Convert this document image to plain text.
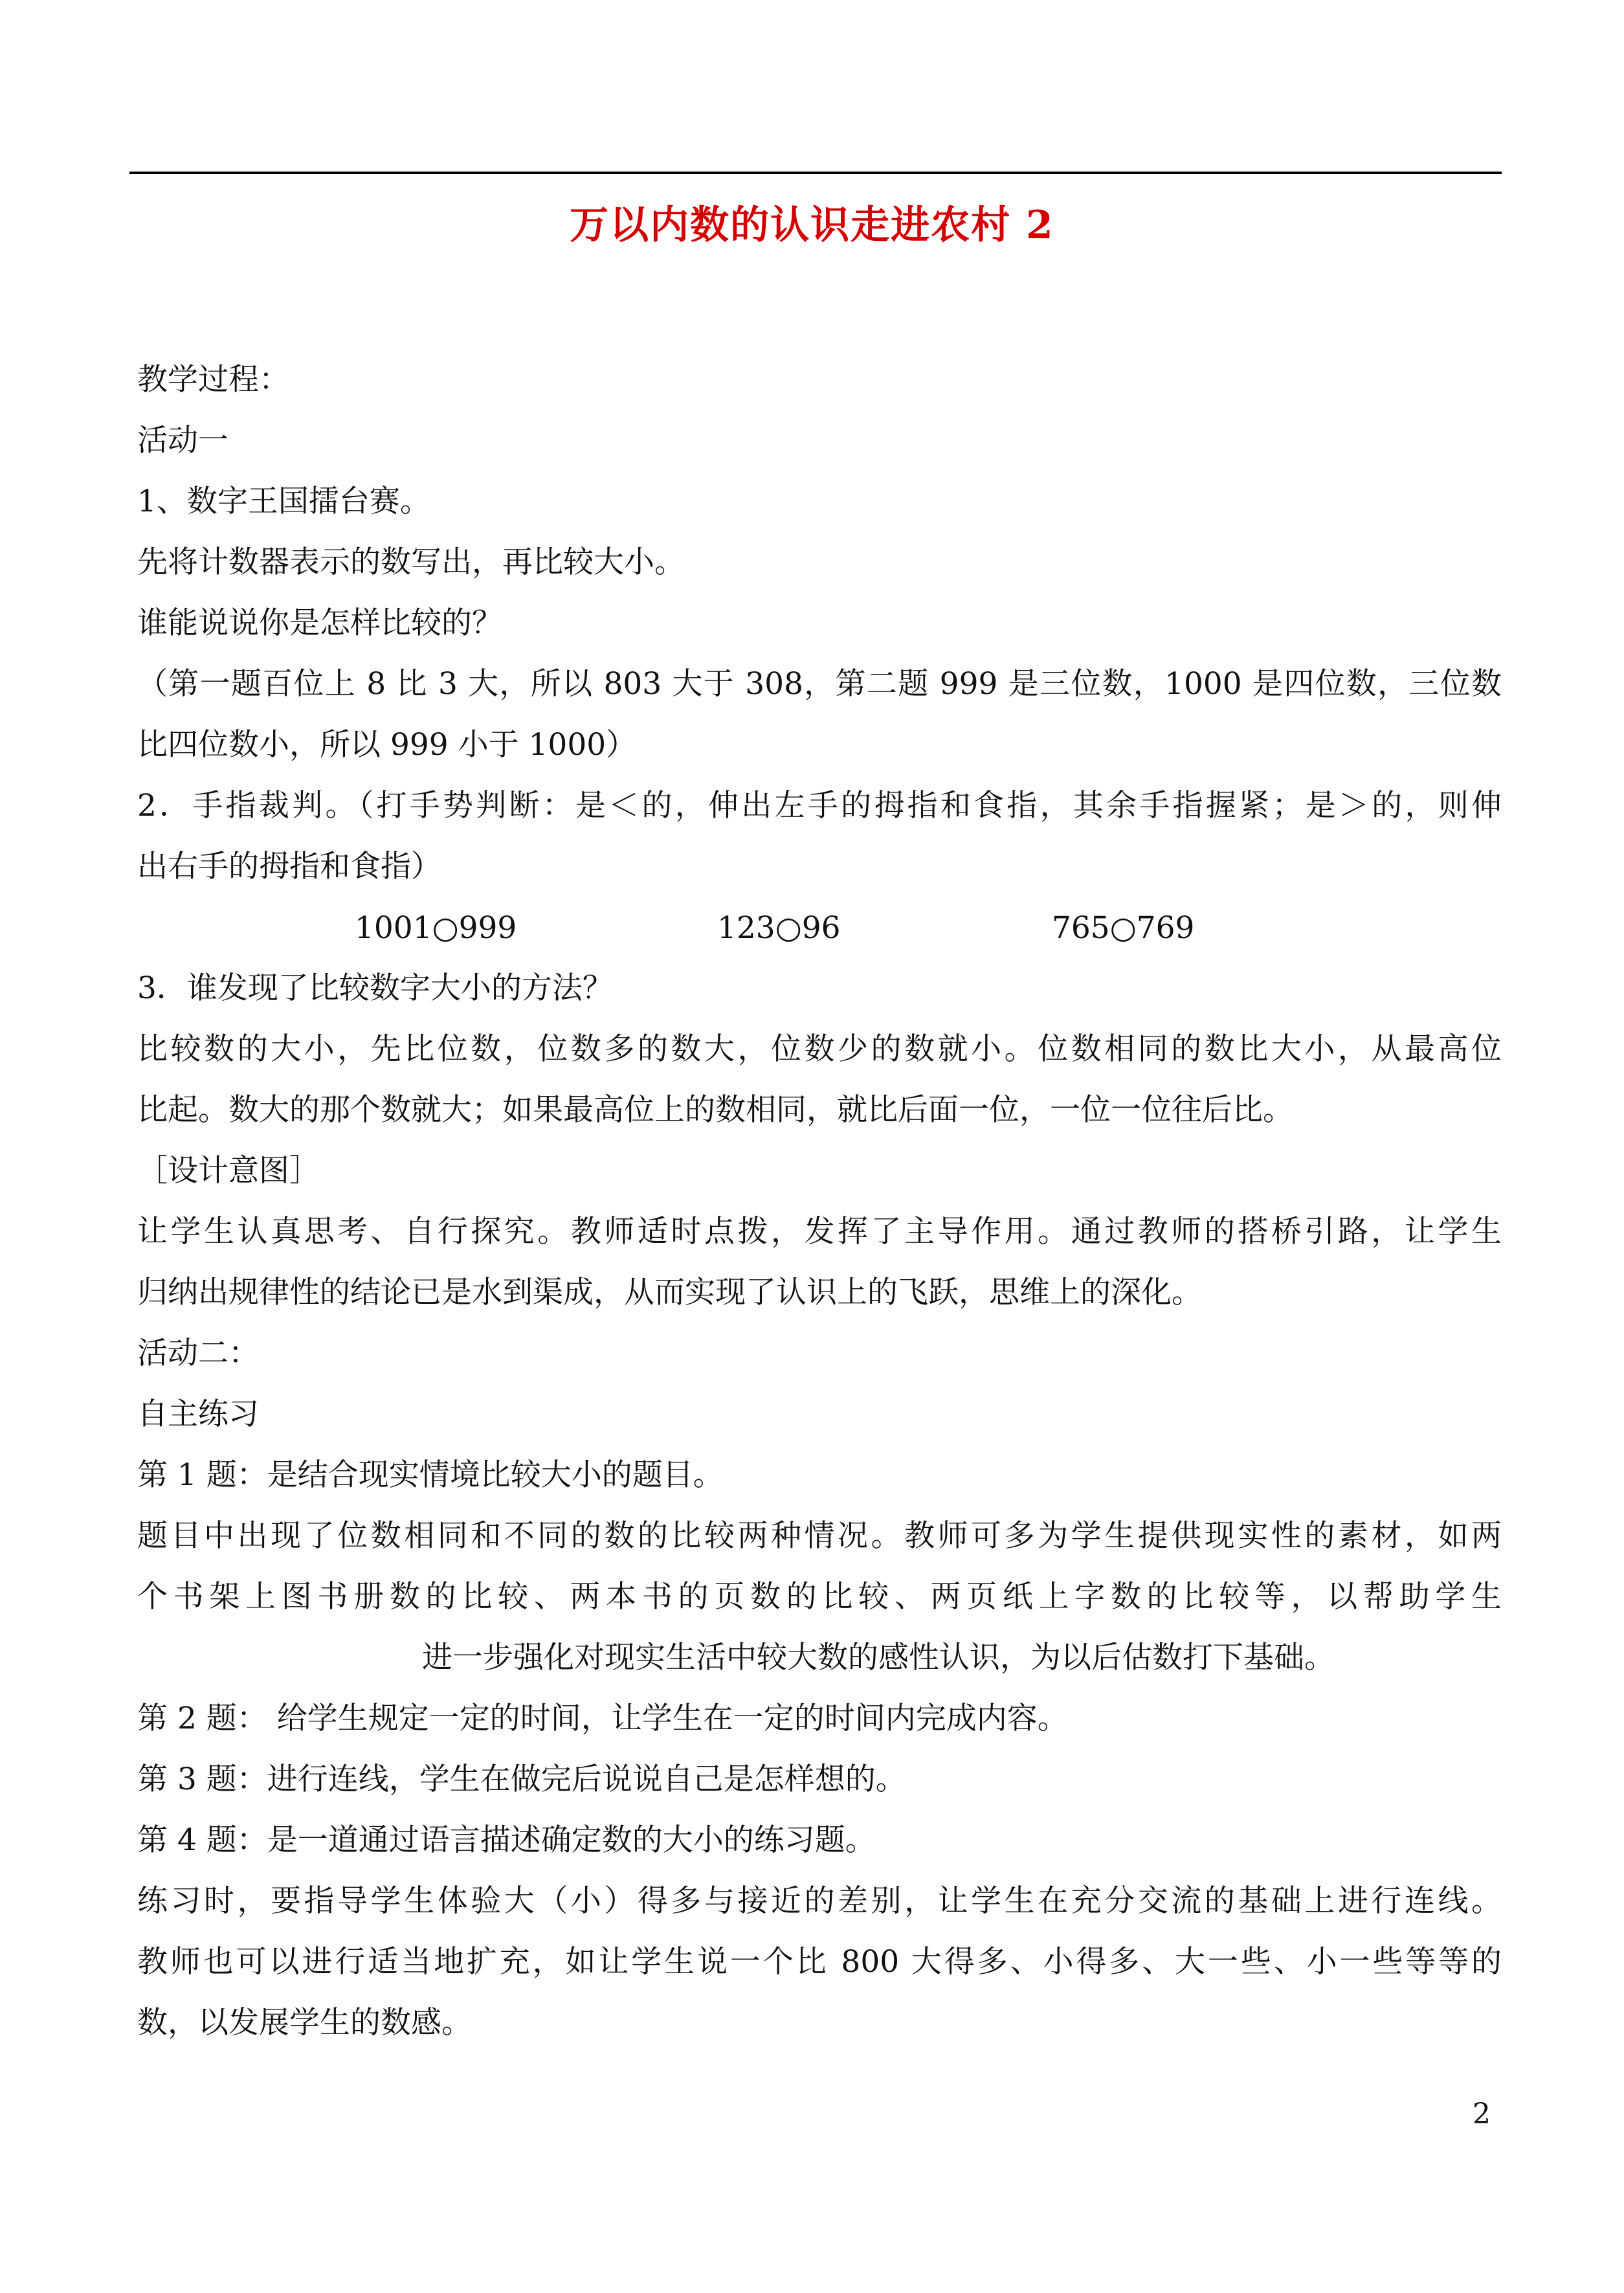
万以内数的认识走进农村 2
教学过程：
活动一
1、数字王国擂台赛。
先将计数器表示的数写出，再比较大小。
谁能说说你是怎样比较的？
（第一题百位上 8 比 3 大，所以 803 大于 308，第二题 999 是三位数，1000 是四位数，三位数
比四位数小，所以 999 小于 1000）
2．手指裁判。（打手势判断：是＜的，伸出左手的拇指和食指，其余手指握紧；是＞的，则伸
出右手的拇指和食指）
1001○999	123○96	765○769
3．谁发现了比较数字大小的方法？
比较数的大小，先比位数，位数多的数大，位数少的数就小。位数相同的数比大小，从最高位
比起。数大的那个数就大；如果最高位上的数相同，就比后面一位，一位一位往后比。
［设计意图］
让学生认真思考、自行探究。教师适时点拨，发挥了主导作用。通过教师的搭桥引路，让学生
归纳出规律性的结论已是水到渠成，从而实现了认识上的飞跃，思维上的深化。
活动二：
自主练习
第 1 题：是结合现实情境比较大小的题目。
题目中出现了位数相同和不同的数的比较两种情况。教师可多为学生提供现实性的素材，如两
个书架上图书册数的比较、两本书的页数的比较、两页纸上字数的比较等，以帮助学生
进一步强化对现实生活中较大数的感性认识，为以后估数打下基础。
第 2 题： 给学生规定一定的时间，让学生在一定的时间内完成内容。
第 3 题：进行连线，学生在做完后说说自己是怎样想的。
第 4 题：是一道通过语言描述确定数的大小的练习题。
练习时，要指导学生体验大（小）得多与接近的差别，让学生在充分交流的基础上进行连线。
教师也可以进行适当地扩充，如让学生说一个比 800 大得多、小得多、大一些、小一些等等的
数，以发展学生的数感。
2
